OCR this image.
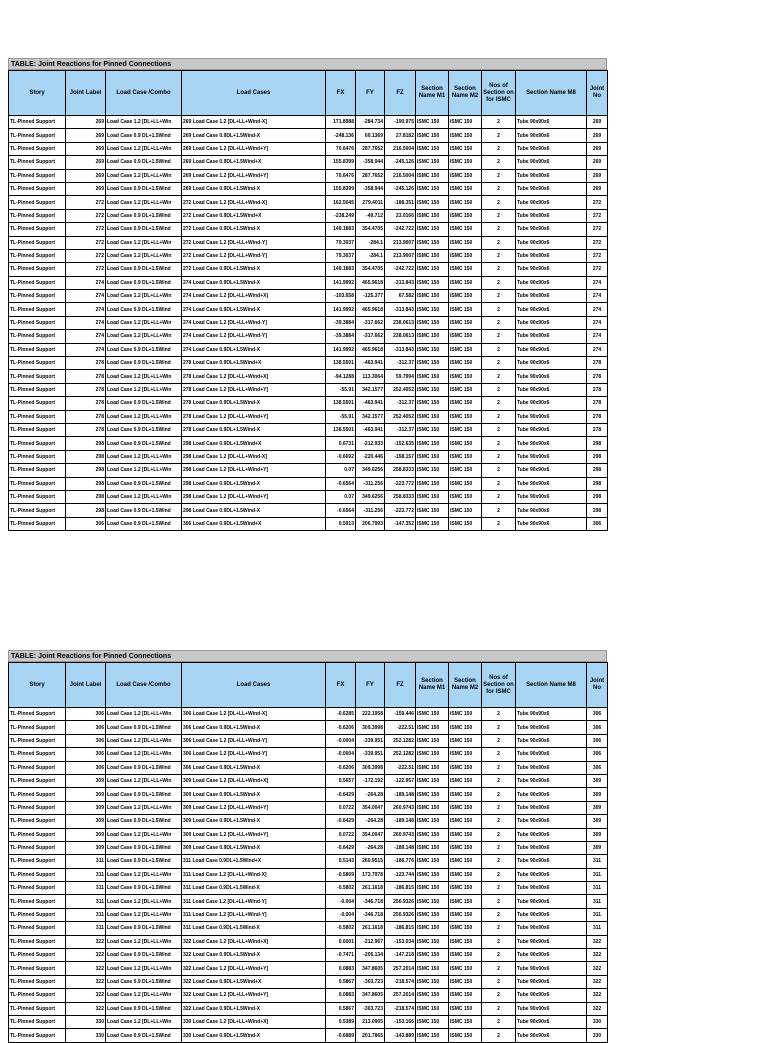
TABLE: Joint Reactions for Pinned Connections
Story	Joint Label	Load Case /Combo	Load Cases	FX	FY	FZ	Section Name M1	Section Name M2	Nos of Section on for ISMC	Section Name M8	Joint No
TL-Pinned Support	269	Load Case 1.2 [DL+LL+Win	269 Load Case 1.2 [DL+LL+Wind-X]	171.8988	-284.734	-190.975	ISMC 150	ISMC 150	2	Tube 90x90x6	269
TL-Pinned Support	269	Load Case 0.9 DL+1.5Wind	269 Load Case 0.9DL+1.5Wind-X	-248.136	60.1369	27.8182	ISMC 150	ISMC 150	2	Tube 90x90x6	269
TL-Pinned Support	269	Load Case 1.2 [DL+LL+Win	269 Load Case 1.2 [DL+LL+Wind+Y]	70.6476	287.7652	216.5004	ISMC 150	ISMC 150	2	Tube 90x90x6	269
TL-Pinned Support	269	Load Case 0.9 DL+1.5Wind	269 Load Case 0.9DL+1.5Wind+X	155.8399	-358.944	-245.126	ISMC 150	ISMC 150	2	Tube 90x90x6	269
TL-Pinned Support	269	Load Case 1.2 [DL+LL+Win	269 Load Case 1.2 [DL+LL+Wind+Y]	70.6476	287.7652	216.5004	ISMC 150	ISMC 150	2	Tube 90x90x6	269
TL-Pinned Support	269	Load Case 0.9 DL+1.5Wind	269 Load Case 0.9DL+1.5Wind-X	155.8399	-358.944	-245.126	ISMC 150	ISMC 150	2	Tube 90x90x6	269
TL-Pinned Support	272	Load Case 1.2 [DL+LL+Win	272 Load Case 1.2 [DL+LL+Wind-X]	162.5045	279.4011	-188.351	ISMC 150	ISMC 150	2	Tube 90x90x6	272
TL-Pinned Support	272	Load Case 0.9 DL+1.5Wind	272 Load Case 0.9DL+1.5Wind+X	-238.249	-49.712	23.0166	ISMC 150	ISMC 150	2	Tube 90x90x6	272
TL-Pinned Support	272	Load Case 0.9 DL+1.5Wind	272 Load Case 0.9DL+1.5Wind-X	149.1883	354.4705	-242.722	ISMC 150	ISMC 150	2	Tube 90x90x6	272
TL-Pinned Support	272	Load Case 1.2 [DL+LL+Win	272 Load Case 1.2 [DL+LL+Wind-Y]	79.3037	-284.1	213.9007	ISMC 150	ISMC 150	2	Tube 90x90x6	272
TL-Pinned Support	272	Load Case 1.2 [DL+LL+Win	272 Load Case 1.2 [DL+LL+Wind-Y]	79.3037	-284.1	213.9007	ISMC 150	ISMC 150	2	Tube 90x90x6	272
TL-Pinned Support	272	Load Case 0.9 DL+1.5Wind	272 Load Case 0.9DL+1.5Wind-X	149.1883	354.4705	-242.722	ISMC 150	ISMC 150	2	Tube 90x90x6	272
TL-Pinned Support	274	Load Case 0.9 DL+1.5Wind	274 Load Case 0.9DL+1.5Wind-X	141.9992	465.9618	-313.843	ISMC 150	ISMC 150	2	Tube 90x90x6	274
TL-Pinned Support	274	Load Case 1.2 [DL+LL+Win	274 Load Case 1.2 [DL+LL+Wind+X]	-103.658	-125.377	67.582	ISMC 150	ISMC 150	2	Tube 90x90x6	274
TL-Pinned Support	274	Load Case 0.9 DL+1.5Wind	274 Load Case 0.9DL+1.5Wind-X	141.9992	465.9618	-313.843	ISMC 150	ISMC 150	2	Tube 90x90x6	274
TL-Pinned Support	274	Load Case 1.2 [DL+LL+Win	274 Load Case 1.2 [DL+LL+Wind-Y]	-39.3884	-317.662	238.0613	ISMC 150	ISMC 150	2	Tube 90x90x6	274
TL-Pinned Support	274	Load Case 1.2 [DL+LL+Win	274 Load Case 1.2 [DL+LL+Wind-Y]	-39.3884	-317.662	238.0613	ISMC 150	ISMC 150	2	Tube 90x90x6	274
TL-Pinned Support	274	Load Case 0.9 DL+1.5Wind	274 Load Case 0.9DL+1.5Wind-X	141.9992	465.9618	-313.843	ISMC 150	ISMC 150	2	Tube 90x90x6	274
TL-Pinned Support	278	Load Case 0.9 DL+1.5Wind	278 Load Case 0.9DL+1.5Wind+X	138.5501	-463.941	-312.37	ISMC 150	ISMC 150	2	Tube 90x90x6	278
TL-Pinned Support	278	Load Case 1.2 [DL+LL+Win	278 Load Case 1.2 [DL+LL+Wind+X]	-94.1288	113.3064	59.7994	ISMC 150	ISMC 150	2	Tube 90x90x6	278
TL-Pinned Support	278	Load Case 1.2 [DL+LL+Win	278 Load Case 1.2 [DL+LL+Wind+Y]	-55.91	342.1577	252.4052	ISMC 150	ISMC 150	2	Tube 90x90x6	278
TL-Pinned Support	278	Load Case 0.9 DL+1.5Wind	278 Load Case 0.9DL+1.5Wind-X	138.5501	-463.941	-312.37	ISMC 150	ISMC 150	2	Tube 90x90x6	278
TL-Pinned Support	278	Load Case 1.2 [DL+LL+Win	278 Load Case 1.2 [DL+LL+Wind+Y]	-55.91	342.1577	252.4052	ISMC 150	ISMC 150	2	Tube 90x90x6	278
TL-Pinned Support	278	Load Case 0.9 DL+1.5Wind	278 Load Case 0.9DL+1.5Wind-X	138.5501	-463.941	-312.37	ISMC 150	ISMC 150	2	Tube 90x90x6	278
TL-Pinned Support	298	Load Case 0.9 DL+1.5Wind	298 Load Case 0.9DL+1.5Wind+X	0.6731	-212.933	-152.635	ISMC 150	ISMC 150	2	Tube 90x90x6	298
TL-Pinned Support	298	Load Case 1.2 [DL+LL+Win	298 Load Case 1.2 [DL+LL+Wind-X]	-0.6692	-220.446	-158.157	ISMC 150	ISMC 150	2	Tube 90x90x6	298
TL-Pinned Support	298	Load Case 1.2 [DL+LL+Win	298 Load Case 1.2 [DL+LL+Wind+Y]	0.07	349.6256	258.8333	ISMC 150	ISMC 150	2	Tube 90x90x6	298
TL-Pinned Support	298	Load Case 0.9 DL+1.5Wind	298 Load Case 0.9DL+1.5Wind-X	-0.6564	-311.256	-223.772	ISMC 150	ISMC 150	2	Tube 90x90x6	298
TL-Pinned Support	298	Load Case 1.2 [DL+LL+Win	298 Load Case 1.2 [DL+LL+Wind+Y]	0.07	349.6256	258.8333	ISMC 150	ISMC 150	2	Tube 90x90x6	298
TL-Pinned Support	298	Load Case 0.9 DL+1.5Wind	298 Load Case 0.9DL+1.5Wind-X	-0.6564	-311.256	-223.772	ISMC 150	ISMC 150	2	Tube 90x90x6	298
TL-Pinned Support	306	Load Case 0.9 DL+1.5Wind	306 Load Case 0.9DL+1.5Wind+X	0.5913	206.7993	-147.352	ISMC 150	ISMC 150	2	Tube 90x90x6	306
TABLE: Joint Reactions for Pinned Connections
Story	Joint Label	Load Case /Combo	Load Cases	FX	FY	FZ	Section Name M1	Section Name M2	Nos of Section on for ISMC	Section Name M8	Joint No
TL-Pinned Support	306	Load Case 1.2 [DL+LL+Win	306 Load Case 1.2 [DL+LL+Wind-X]	-0.6285	222.1958	-159.446	ISMC 150	ISMC 150	2	Tube 90x90x6	306
TL-Pinned Support	306	Load Case 0.9 DL+1.5Wind	306 Load Case 0.9DL+1.5Wind-X	-0.6206	309.3998	-222.51	ISMC 150	ISMC 150	2	Tube 90x90x6	306
TL-Pinned Support	306	Load Case 1.2 [DL+LL+Win	306 Load Case 1.2 [DL+LL+Wind-Y]	-0.0004	-339.951	252.1282	ISMC 150	ISMC 150	2	Tube 90x90x6	306
TL-Pinned Support	306	Load Case 1.2 [DL+LL+Win	306 Load Case 1.2 [DL+LL+Wind-Y]	-0.0004	-339.951	252.1282	ISMC 150	ISMC 150	2	Tube 90x90x6	306
TL-Pinned Support	306	Load Case 0.9 DL+1.5Wind	306 Load Case 0.9DL+1.5Wind-X	-0.6206	309.3998	-222.51	ISMC 150	ISMC 150	2	Tube 90x90x6	306
TL-Pinned Support	309	Load Case 1.2 [DL+LL+Win	309 Load Case 1.2 [DL+LL+Wind+X]	0.5657	-172.192	-122.957	ISMC 150	ISMC 150	2	Tube 90x90x6	309
TL-Pinned Support	309	Load Case 0.9 DL+1.5Wind	309 Load Case 0.9DL+1.5Wind-X	-0.6429	-264.28	-189.148	ISMC 150	ISMC 150	2	Tube 90x90x6	309
TL-Pinned Support	309	Load Case 1.2 [DL+LL+Win	309 Load Case 1.2 [DL+LL+Wind+Y]	0.0722	354.0047	260.9743	ISMC 150	ISMC 150	2	Tube 90x90x6	309
TL-Pinned Support	309	Load Case 0.9 DL+1.5Wind	309 Load Case 0.9DL+1.5Wind-X	-0.6429	-264.28	-189.148	ISMC 150	ISMC 150	2	Tube 90x90x6	309
TL-Pinned Support	309	Load Case 1.2 [DL+LL+Win	309 Load Case 1.2 [DL+LL+Wind+Y]	0.0722	354.0047	260.9743	ISMC 150	ISMC 150	2	Tube 90x90x6	309
TL-Pinned Support	309	Load Case 0.9 DL+1.5Wind	309 Load Case 0.9DL+1.5Wind-X	-0.6429	-264.28	-189.148	ISMC 150	ISMC 150	2	Tube 90x90x6	309
TL-Pinned Support	311	Load Case 0.9 DL+1.5Wind	311 Load Case 0.9DL+1.5Wind+X	0.5143	260.9515	-186.776	ISMC 150	ISMC 150	2	Tube 90x90x6	311
TL-Pinned Support	311	Load Case 1.2 [DL+LL+Win	311 Load Case 1.2 [DL+LL+Wind-X]	-0.5809	173.7978	-123.744	ISMC 150	ISMC 150	2	Tube 90x90x6	311
TL-Pinned Support	311	Load Case 0.9 DL+1.5Wind	311 Load Case 0.9DL+1.5Wind-X	-0.5802	261.1618	-186.815	ISMC 150	ISMC 150	2	Tube 90x90x6	311
TL-Pinned Support	311	Load Case 1.2 [DL+LL+Win	311 Load Case 1.2 [DL+LL+Wind-Y]	-0.004	-346.718	256.9326	ISMC 150	ISMC 150	2	Tube 90x90x6	311
TL-Pinned Support	311	Load Case 1.2 [DL+LL+Win	311 Load Case 1.2 [DL+LL+Wind-Y]	-0.004	-346.718	256.9326	ISMC 150	ISMC 150	2	Tube 90x90x6	311
TL-Pinned Support	311	Load Case 0.9 DL+1.5Wind	311 Load Case 0.9DL+1.5Wind-X	-0.5802	261.1618	-186.815	ISMC 150	ISMC 150	2	Tube 90x90x6	311
TL-Pinned Support	322	Load Case 1.2 [DL+LL+Win	322 Load Case 1.2 [DL+LL+Wind+X]	0.6001	-212.967	-153.034	ISMC 150	ISMC 150	2	Tube 90x90x6	322
TL-Pinned Support	322	Load Case 0.9 DL+1.5Wind	322 Load Case 0.9DL+1.5Wind-X	-0.7471	-205.134	-147.218	ISMC 150	ISMC 150	2	Tube 90x90x6	322
TL-Pinned Support	322	Load Case 1.2 [DL+LL+Win	322 Load Case 1.2 [DL+LL+Wind+Y]	0.0883	347.8605	257.2014	ISMC 150	ISMC 150	2	Tube 90x90x6	322
TL-Pinned Support	322	Load Case 0.9 DL+1.5Wind	322 Load Case 0.9DL+1.5Wind+X	0.5867	-303.723	-218.574	ISMC 150	ISMC 150	2	Tube 90x90x6	322
TL-Pinned Support	322	Load Case 1.2 [DL+LL+Win	322 Load Case 1.2 [DL+LL+Wind+Y]	0.0883	347.8605	257.2014	ISMC 150	ISMC 150	2	Tube 90x90x6	322
TL-Pinned Support	322	Load Case 0.9 DL+1.5Wind	322 Load Case 0.9DL+1.5Wind-X	0.5867	-303.723	-218.574	ISMC 150	ISMC 150	2	Tube 90x90x6	322
TL-Pinned Support	330	Load Case 1.2 [DL+LL+Win	330 Load Case 1.2 [DL+LL+Wind+X]	0.5389	213.0905	-153.166	ISMC 150	ISMC 150	2	Tube 90x90x6	330
TL-Pinned Support	330	Load Case 0.9 DL+1.5Wind	330 Load Case 0.9DL+1.5Wind-X	-0.6889	201.7865	-143.889	ISMC 150	ISMC 150	2	Tube 90x90x6	330
